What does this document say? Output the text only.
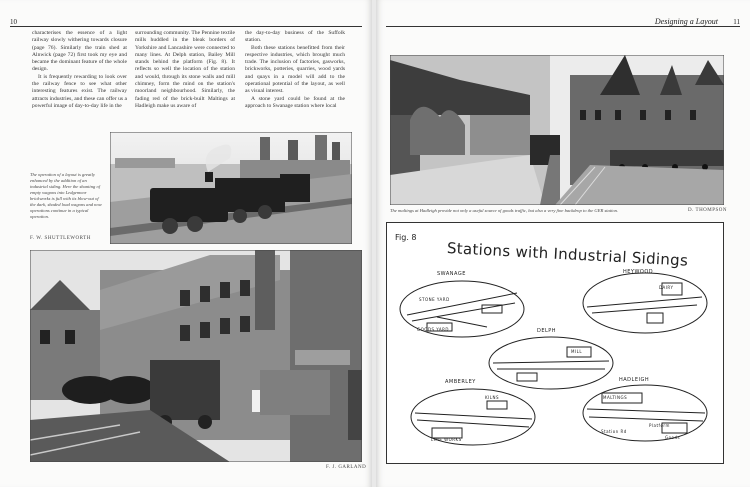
10

characterises the essence of a light railway slowly withering towards closure (page 76). Similarly the train shed at Alnwick (page 72) first took my eye and became the dominant feature of the whole design.

It is frequently rewarding to look over the railway fence to see what other interesting features exist. The railway attracts industries, and these can offer us a powerful image of day-to-day life in the

surrounding community. The Pennine textile mills huddled in the bleak borders of Yorkshire and Lancashire were connected to many lines. At Delph station, Bailey Mill stands behind the platform (Fig. 8). It reflects so well the location of the station and would, through its stone walls and mill chimney, form the mind on the station's moorland neighbourhood. Similarly, the fading red of the brick-built Maltings at Hadleigh make us aware of

the day-to-day business of the Suffolk station.

Both these stations benefitted from their respective industries, which brought much trade. The inclusion of factories, gasworks, brickworks, potteries, quarries, wood yards and quays in a model will add to the operational potential of the layout, as well as visual interest.

A stone yard could be found at the approach to Swanage station where local

The operation of a layout is greatly enhanced by the addition of an industrial siding. Here the shunting of empty wagons into Ledgemoor brickworks is full with its blow-out of the dark, shaded load wagons and now operations continue in a typical operation.
F. W. SHUTTLEWORTH
F. J. GARLAND
Designing a Layout 11
The maltings at Hadleigh provide not only a useful source of goods traffic, but also a very fine backdrop to the GER station.	D. THOMPSON
Fig. 8
Stations with Industrial Sidings
SWANAGE	HEYWOOD
DELPH
AMBERLEY	HADLEIGH
STONE YARD
GOODS YARD
DAIRY
MILL
LIME WORKS
KILNS	MALTINGS
Station Rd
Platform
Goods
